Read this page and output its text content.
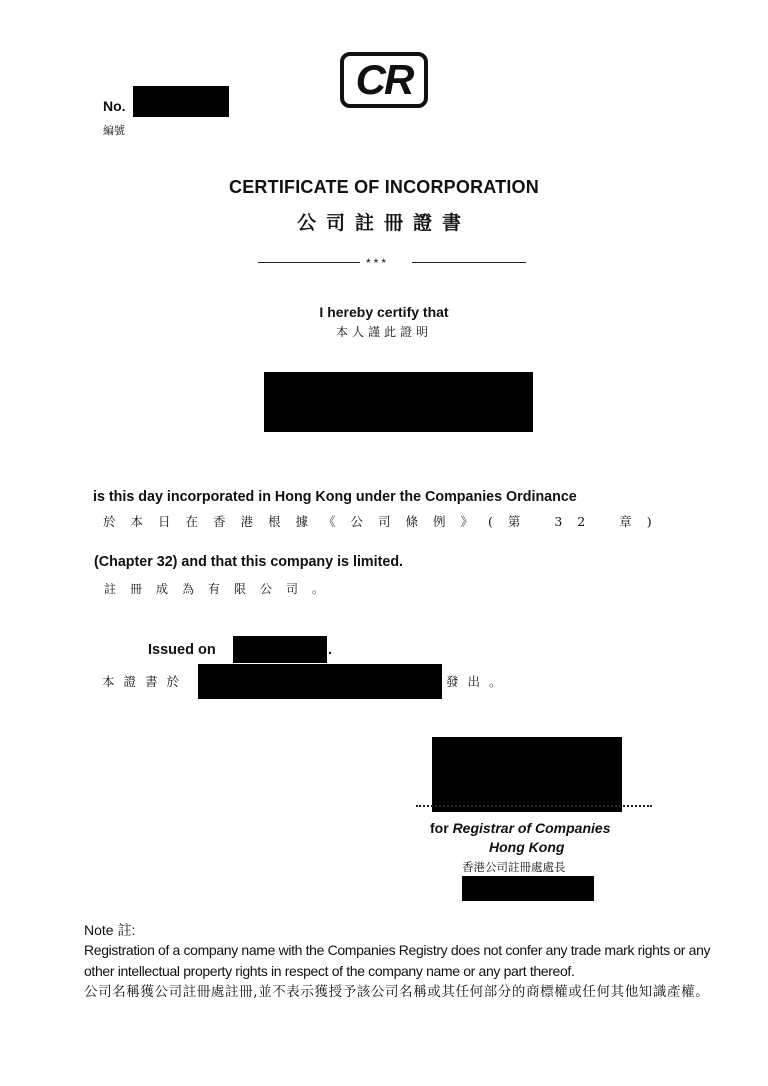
CR
No.
編號
CERTIFICATE OF INCORPORATION
公司註冊證書
***
I hereby certify that
本人謹此證明
is this day incorporated in Hong Kong under the Companies Ordinance
於本日在香港根據《公司條例》(第 32 章)
(Chapter 32) and that this company is limited.
註冊成為有限公司。
Issued on	.
本證書於	發出。
for Registrar of Companies
Hong Kong
香港公司註冊處處長
Note 註:
Registration of a company name with the Companies Registry does not confer any trade mark rights or any other intellectual property rights in respect of the company name or any part thereof.
公司名稱獲公司註冊處註冊,並不表示獲授予該公司名稱或其任何部分的商標權或任何其他知識產權。
